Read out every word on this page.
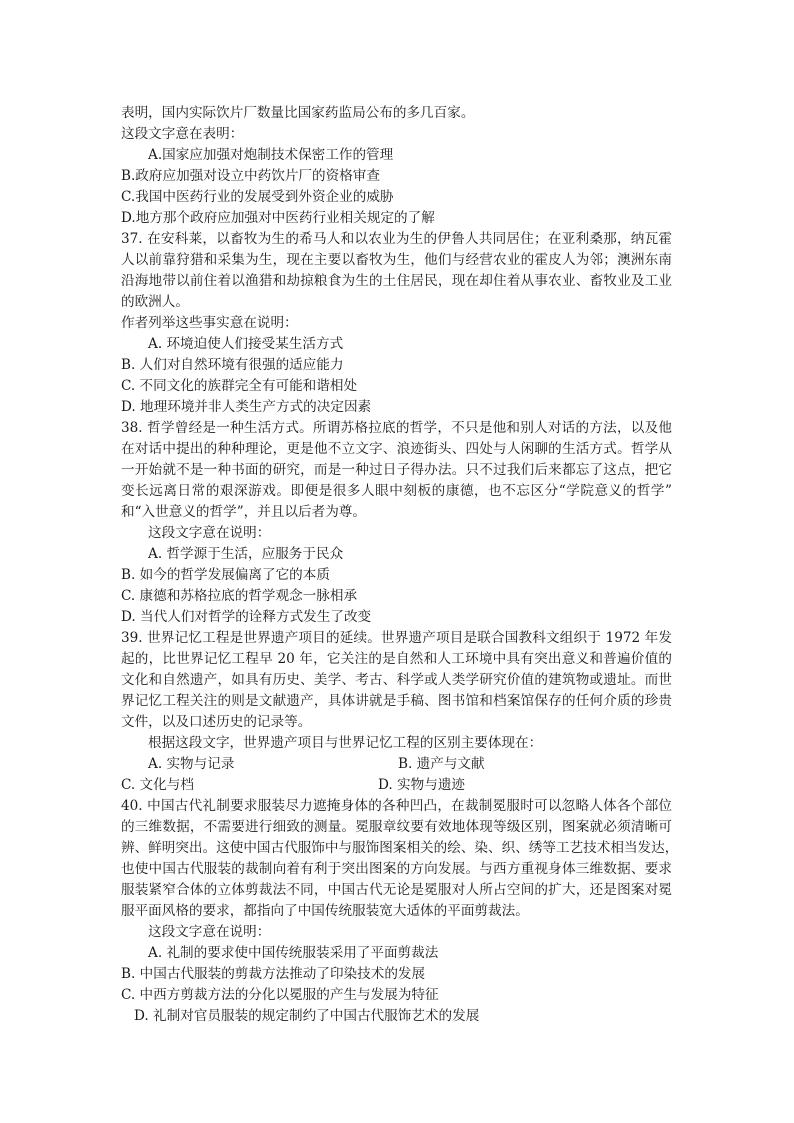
表明，国内实际饮片厂数量比国家药监局公布的多几百家。
这段文字意在表明：
A.国家应加强对炮制技术保密工作的管理
B.政府应加强对设立中药饮片厂的资格审查
C.我国中医药行业的发展受到外资企业的威胁
D.地方那个政府应加强对中医药行业相关规定的了解
37. 在安科莱，以畜牧为生的希马人和以农业为生的伊鲁人共同居住；在亚利桑那，纳瓦霍
人以前靠狩猎和采集为生，现在主要以畜牧为生，他们与经营农业的霍皮人为邻；澳洲东南
沿海地带以前住着以渔猎和劫掠粮食为生的土住居民，现在却住着从事农业、畜牧业及工业
的欧洲人。
作者列举这些事实意在说明：
A. 环境迫使人们接受某生活方式
B. 人们对自然环境有很强的适应能力
C. 不同文化的族群完全有可能和谐相处
D. 地理环境并非人类生产方式的决定因素
38. 哲学曾经是一种生活方式。所谓苏格拉底的哲学，不只是他和别人对话的方法，以及他
在对话中提出的种种理论，更是他不立文字、浪迹街头、四处与人闲聊的生活方式。哲学从
一开始就不是一种书面的研究，而是一种过日子得办法。只不过我们后来都忘了这点，把它
变长远离日常的艰深游戏。即便是很多人眼中刻板的康德，也不忘区分“学院意义的哲学”
和“入世意义的哲学”，并且以后者为尊。
这段文字意在说明：
A. 哲学源于生活，应服务于民众
B. 如今的哲学发展偏离了它的本质
C. 康德和苏格拉底的哲学观念一脉相承
D. 当代人们对哲学的诠释方式发生了改变
39. 世界记忆工程是世界遗产项目的延续。世界遗产项目是联合国教科文组织于 1972 年发
起的，比世界记忆工程早 20 年，它关注的是自然和人工环境中具有突出意义和普遍价值的
文化和自然遗产，如具有历史、美学、考古、科学或人类学研究价值的建筑物或遗址。而世
界记忆工程关注的则是文献遗产，具体讲就是手稿、图书馆和档案馆保存的任何介质的珍贵
文件，以及口述历史的记录等。
根据这段文字，世界遗产项目与世界记忆工程的区别主要体现在：
A. 实物与记录	B. 遗产与文献
C. 文化与档	D. 实物与遗迹
40. 中国古代礼制要求服装尽力遮掩身体的各种凹凸，在裁制冕服时可以忽略人体各个部位
的三维数据，不需要进行细致的测量。冕服章纹要有效地体现等级区别，图案就必须清晰可
辨、鲜明突出。这使中国古代服饰中与服饰图案相关的绘、染、织、绣等工艺技术相当发达，
也使中国古代服装的裁制向着有利于突出图案的方向发展。与西方重视身体三维数据、要求
服装紧窄合体的立体剪裁法不同，中国古代无论是冕服对人所占空间的扩大，还是图案对冕
服平面风格的要求，都指向了中国传统服装宽大适体的平面剪裁法。
这段文字意在说明：
A. 礼制的要求使中国传统服装采用了平面剪裁法
B. 中国古代服装的剪裁方法推动了印染技术的发展
C. 中西方剪裁方法的分化以冕服的产生与发展为特征
D. 礼制对官员服装的规定制约了中国古代服饰艺术的发展
